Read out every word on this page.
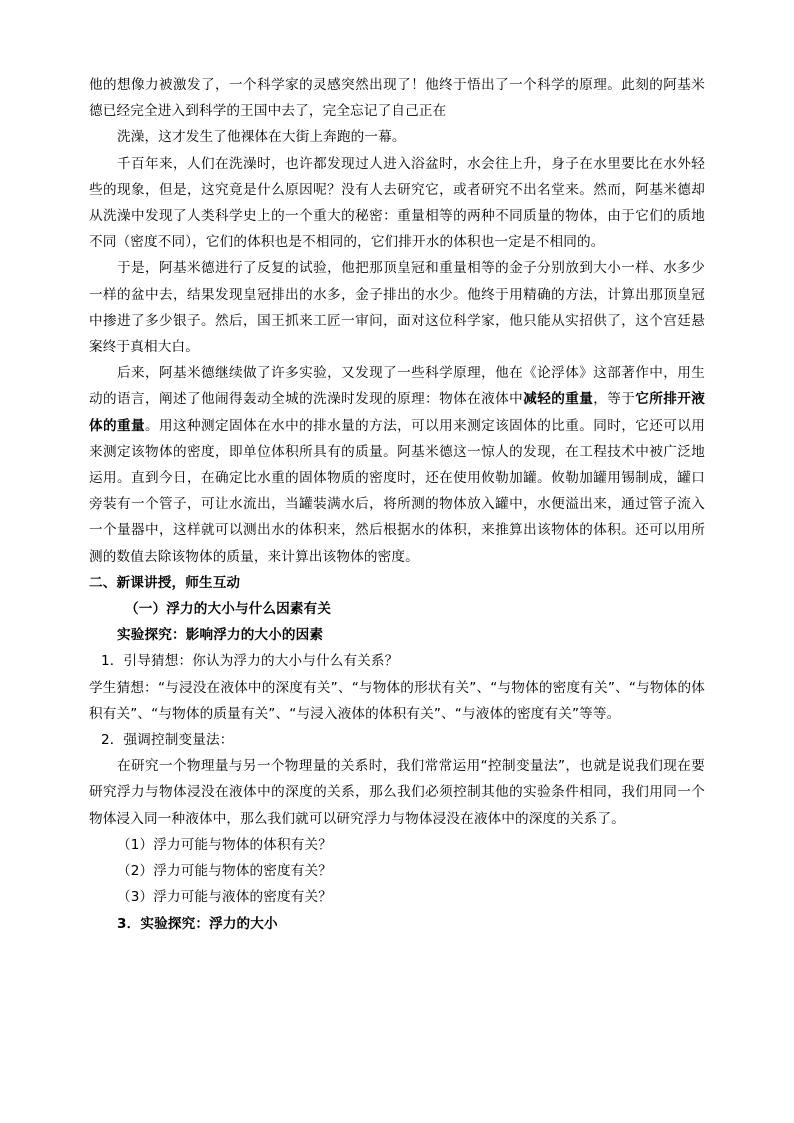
他的想像力被激发了，一个科学家的灵感突然出现了！他终于悟出了一个科学的原理。此刻的阿基米德已经完全进入到科学的王国中去了，完全忘记了自己正在

洗澡，这才发生了他裸体在大街上奔跑的一幕。

千百年来，人们在洗澡时，也许都发现过人进入浴盆时，水会往上升，身子在水里要比在水外轻些的现象，但是，这究竟是什么原因呢？没有人去研究它，或者研究不出名堂来。然而，阿基米德却从洗澡中发现了人类科学史上的一个重大的秘密：重量相等的两种不同质量的物体，由于它们的质地不同（密度不同），它们的体积也是不相同的，它们排开水的体积也一定是不相同的。

于是，阿基米德进行了反复的试验，他把那顶皇冠和重量相等的金子分别放到大小一样、水多少一样的盆中去，结果发现皇冠排出的水多，金子排出的水少。他终于用精确的方法，计算出那顶皇冠中掺进了多少银子。然后，国王抓来工匠一审问，面对这位科学家，他只能从实招供了，这个宫廷悬案终于真相大白。

后来，阿基米德继续做了许多实验，又发现了一些科学原理，他在《论浮体》这部著作中，用生动的语言，阐述了他闹得轰动全城的洗澡时发现的原理：物体在液体中减轻的重量，等于它所排开液体的重量。用这种测定固体在水中的排水量的方法，可以用来测定该固体的比重。同时，它还可以用来测定该物体的密度，即单位体积所具有的质量。阿基米德这一惊人的发现，在工程技术中被广泛地运用。直到今日，在确定比水重的固体物质的密度时，还在使用攸勒加罐。攸勒加罐用锡制成，罐口旁装有一个管子，可让水流出，当罐装满水后，将所测的物体放入罐中，水便溢出来，通过管子流入一个量器中，这样就可以测出水的体积来，然后根据水的体积，来推算出该物体的体积。还可以用所测的数值去除该物体的质量，来计算出该物体的密度。

二、新课讲授，师生互动

（一）浮力的大小与什么因素有关

实验探究：影响浮力的大小的因素

1．引导猜想：你认为浮力的大小与什么有关系？

学生猜想：“与浸没在液体中的深度有关”、“与物体的形状有关”、“与物体的密度有关”、“与物体的体积有关”、“与物体的质量有关”、“与浸入液体的体积有关”、“与液体的密度有关”等等。

2．强调控制变量法：

在研究一个物理量与另一个物理量的关系时，我们常常运用“控制变量法”，也就是说我们现在要研究浮力与物体浸没在液体中的深度的关系，那么我们必须控制其他的实验条件相同，我们用同一个物体浸入同一种液体中，那么我们就可以研究浮力与物体浸没在液体中的深度的关系了。

（1）浮力可能与物体的体积有关？

（2）浮力可能与物体的密度有关？

（3）浮力可能与液体的密度有关？

3．实验探究：浮力的大小
